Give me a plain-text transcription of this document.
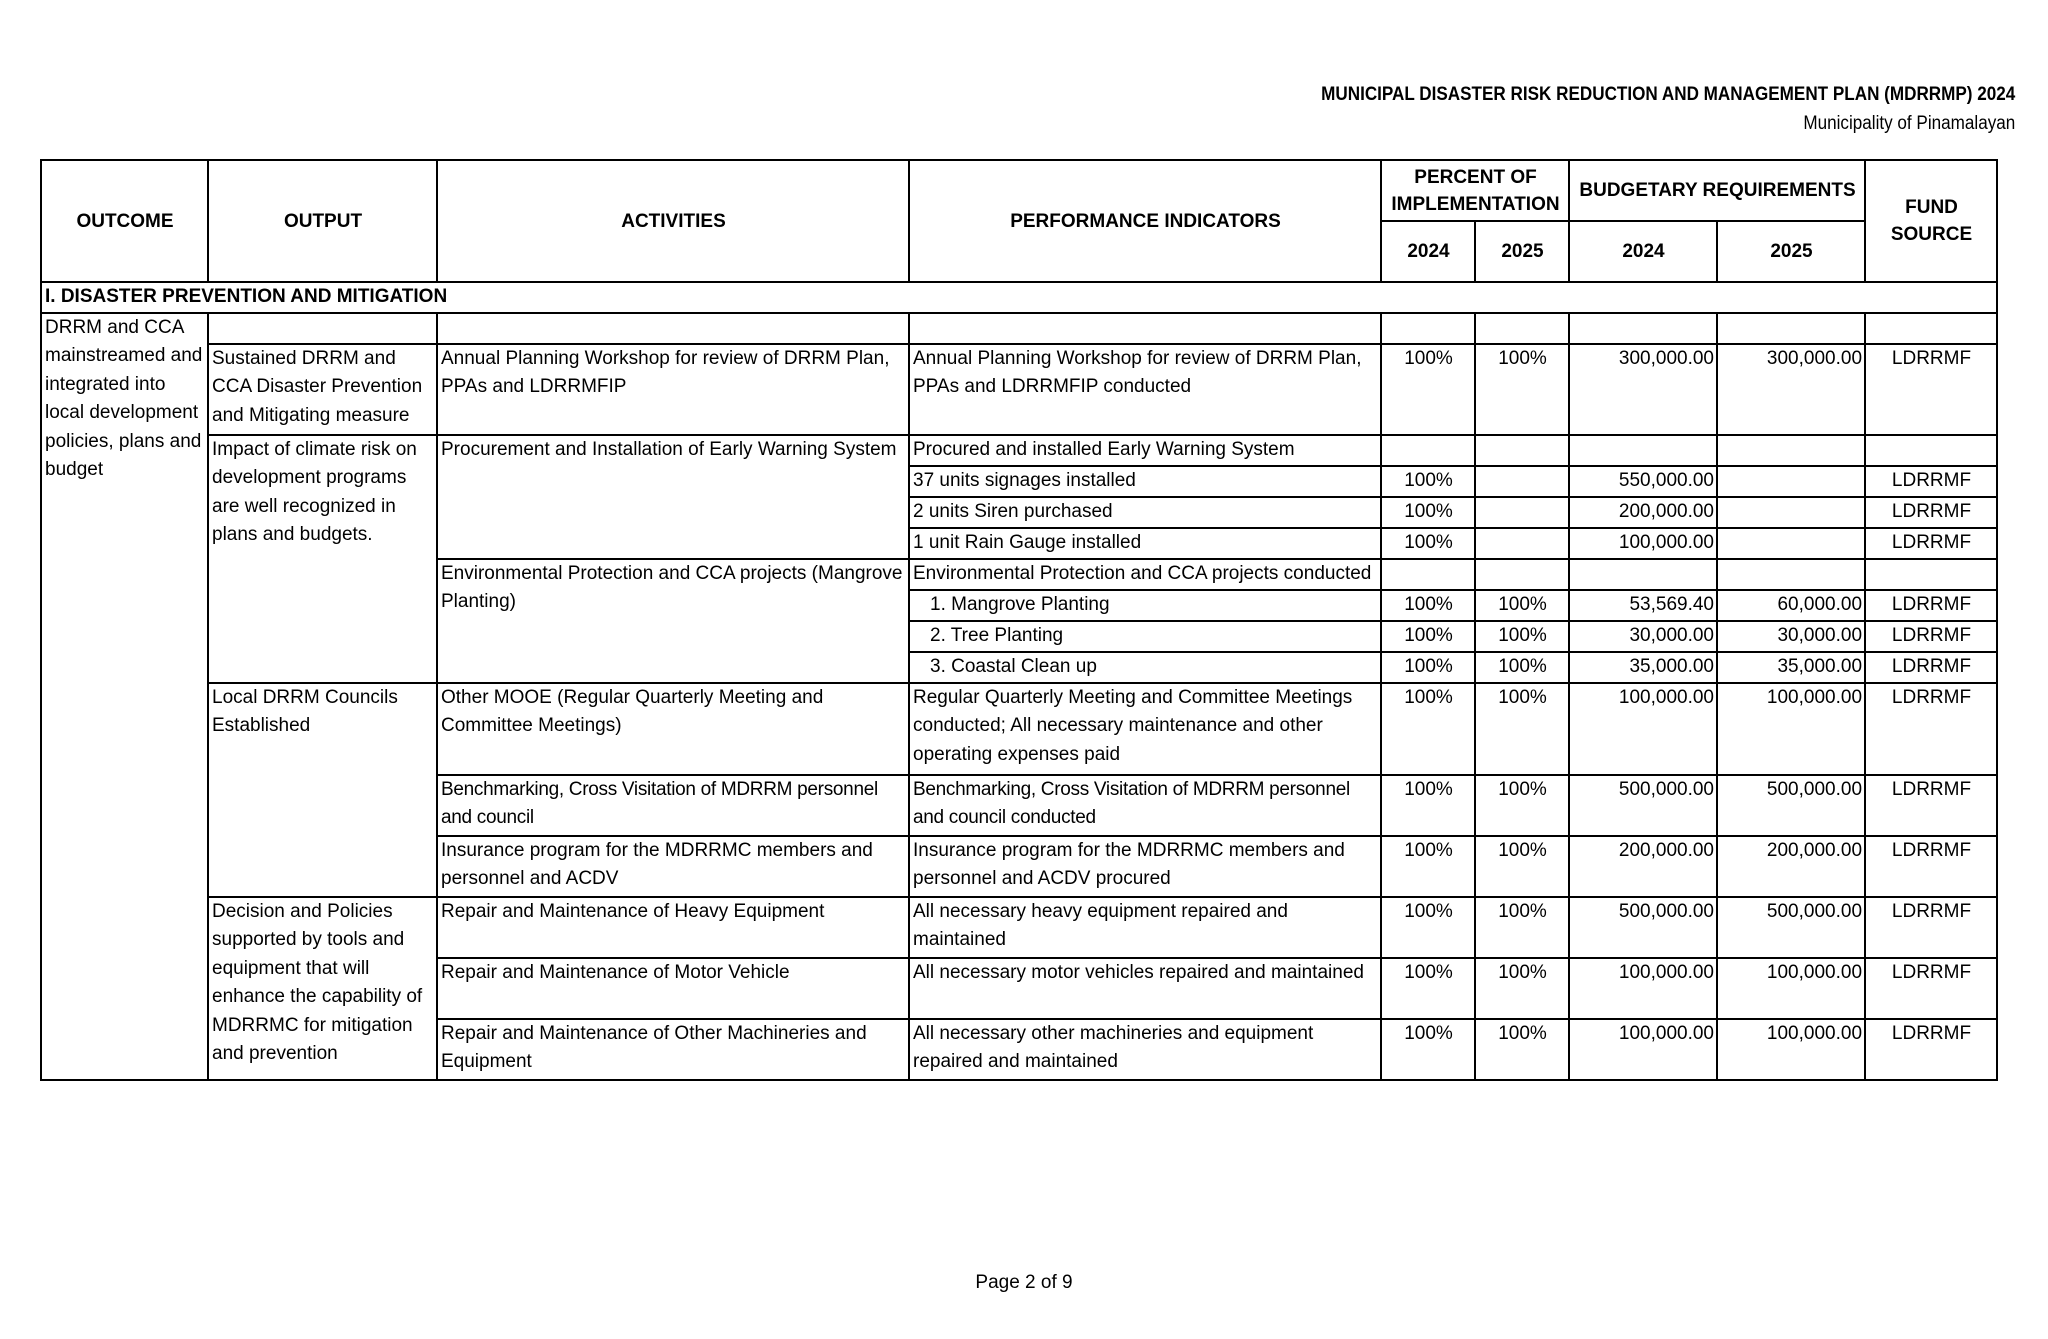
MUNICIPAL DISASTER RISK REDUCTION AND MANAGEMENT PLAN (MDRRMP) 2024
Municipality of Pinamalayan
OUTCOME	OUTPUT	ACTIVITIES	PERFORMANCE INDICATORS	PERCENT OF IMPLEMENTATION		BUDGETARY REQUIREMENTS		FUND SOURCE
				2024	2025	2024	2025	
I. DISASTER PREVENTION AND MITIGATION								
DRRM and CCA mainstreamed and integrated into local development policies, plans and budget								
	Sustained DRRM and CCA Disaster Prevention and Mitigating measure	Annual Planning Workshop for review of DRRM Plan, PPAs and LDRRMFIP	Annual Planning Workshop for review of DRRM Plan, PPAs and LDRRMFIP conducted	100%	100%	300,000.00	300,000.00	LDRRMF
	Impact of climate risk on development programs are well recognized in plans and budgets.	Procurement and Installation of Early Warning System	Procured and installed Early Warning System					
			37 units signages installed	100%		550,000.00		LDRRMF
			2 units Siren purchased	100%		200,000.00		LDRRMF
			1 unit Rain Gauge installed	100%		100,000.00		LDRRMF
		Environmental Protection and CCA projects (Mangrove Planting)	Environmental Protection and CCA projects conducted					
			1. Mangrove Planting	100%	100%	53,569.40	60,000.00	LDRRMF
			2. Tree Planting	100%	100%	30,000.00	30,000.00	LDRRMF
			3. Coastal Clean up	100%	100%	35,000.00	35,000.00	LDRRMF
	Local DRRM Councils Established	Other MOOE (Regular Quarterly Meeting and Committee Meetings)	Regular Quarterly Meeting and Committee Meetings conducted; All necessary maintenance and other operating expenses paid	100%	100%	100,000.00	100,000.00	LDRRMF
		Benchmarking, Cross Visitation of MDRRM personnel and council	Benchmarking, Cross Visitation of MDRRM personnel and council conducted	100%	100%	500,000.00	500,000.00	LDRRMF
		Insurance program for the MDRRMC members and personnel and ACDV	Insurance program for the MDRRMC members and personnel and ACDV procured	100%	100%	200,000.00	200,000.00	LDRRMF
	Decision and Policies supported by tools and equipment that will enhance the capability of MDRRMC for mitigation and prevention	Repair and Maintenance of Heavy Equipment	All necessary heavy equipment repaired and maintained	100%	100%	500,000.00	500,000.00	LDRRMF
		Repair and Maintenance of Motor Vehicle	All necessary motor vehicles repaired and maintained	100%	100%	100,000.00	100,000.00	LDRRMF
		Repair and Maintenance of Other Machineries and Equipment	All necessary other machineries and equipment repaired and maintained	100%	100%	100,000.00	100,000.00	LDRRMF
Page 2 of 9
